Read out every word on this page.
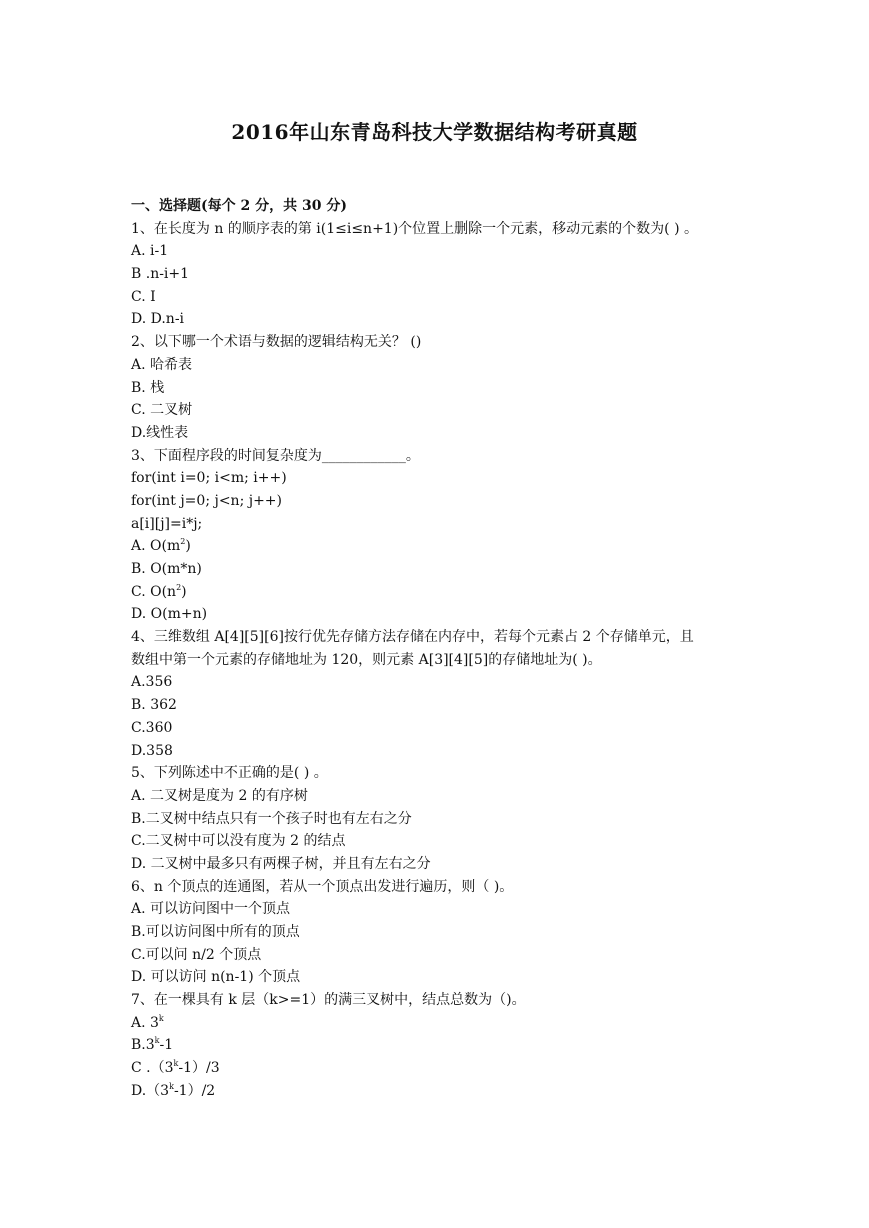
2016年山东青岛科技大学数据结构考研真题
一、选择题(每个 2 分，共 30 分)
1、在长度为 n 的顺序表的第 i(1≤i≤n+1)个位置上删除一个元素，移动元素的个数为( ) 。
A. i-1
B .n-i+1
C. I
D. D.n-i
2、以下哪一个术语与数据的逻辑结构无关？ ()
A. 哈希表
B. 栈
C. 二叉树
D.线性表
3、下面程序段的时间复杂度为____________。
for(int i=0; i<m; i++)
for(int j=0; j<n; j++)
a[i][j]=i*j;
A. $O(m^2)$
B. O(m*n)
C. $O(n^2)$
D. O(m+n)
4、三维数组 A[4][5][6]按行优先存储方法存储在内存中，若每个元素占 2 个存储单元，且
数组中第一个元素的存储地址为 120，则元素 A[3][4][5]的存储地址为( )。
A.356
B. 362
C.360
D.358
5、下列陈述中不正确的是( ) 。
A. 二叉树是度为 2 的有序树
B.二叉树中结点只有一个孩子时也有左右之分
C.二叉树中可以没有度为 2 的结点
D. 二叉树中最多只有两棵子树，并且有左右之分
6、n 个顶点的连通图，若从一个顶点出发进行遍历，则（ )。
A. 可以访问图中一个顶点
B.可以访问图中所有的顶点
C.可以问 n/2 个顶点
D. 可以访问 n(n-1) 个顶点
7、在一棵具有 k 层（k>=1）的满三叉树中，结点总数为（)。
A. 3$^k$
B.3$^k$-1
C .（3$^k$-1）/3
D.（3$^k$-1）/2
